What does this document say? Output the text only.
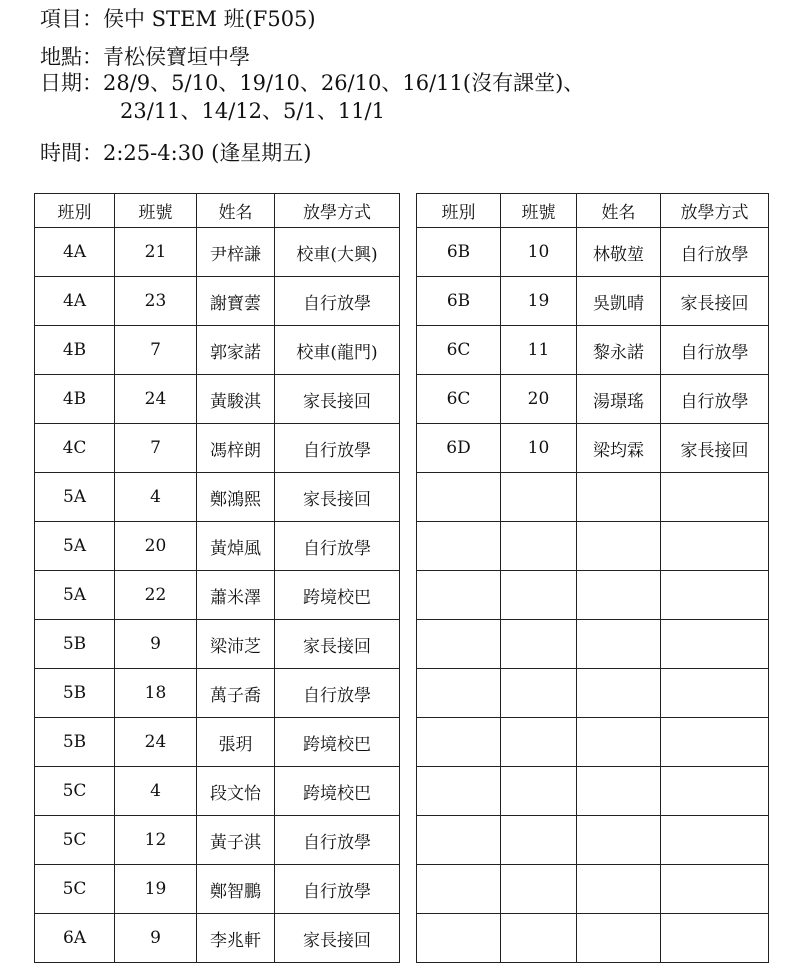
項目：侯中 STEM 班(F505)
地點：青松侯寶垣中學
日期：28/9、5/10、19/10、26/10、16/11(沒有課堂)、
23/11、14/12、5/1、11/1
時間：2:25-4:30 (逢星期五)
班別	班號	姓名	放學方式
4A	21	尹梓謙	校車(大興)
4A	23	謝寶蕓	自行放學
4B	7	郭家諾	校車(龍門)
4B	24	黃駿淇	家長接回
4C	7	馮梓朗	自行放學
5A	4	鄭鴻熙	家長接回
5A	20	黃焯風	自行放學
5A	22	蕭米澤	跨境校巴
5B	9	梁沛芝	家長接回
5B	18	萬子喬	自行放學
5B	24	張玥	跨境校巴
5C	4	段文怡	跨境校巴
5C	12	黃子淇	自行放學
5C	19	鄭智鵬	自行放學
6A	9	李兆軒	家長接回
班別	班號	姓名	放學方式
6B	10	林敬堃	自行放學
6B	19	吳凱晴	家長接回
6C	11	黎永諾	自行放學
6C	20	湯璟瑤	自行放學
6D	10	梁均霖	家長接回
